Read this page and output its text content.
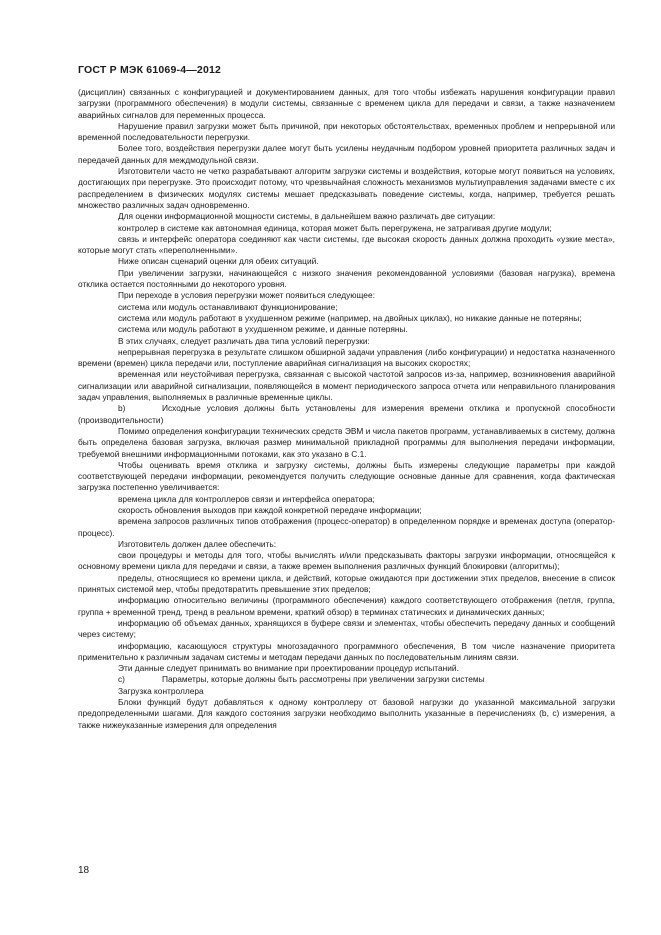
ГОСТ Р МЭК 61069-4—2012

(дисциплин) связанных с конфигурацией и документированием данных, для того чтобы избежать нарушения конфигурации правил загрузки (программного обеспечения) в модули системы, связанные с временем цикла для передачи и связи, а также назначением аварийных сигналов для переменных процесса.

Нарушение правил загрузки может быть причиной, при некоторых обстоятельствах, временных проблем и непрерывной или временной последовательности перегрузки.

Более того, воздействия перегрузки далее могут быть усилены неудачным подбором уровней приоритета различных задач и передачей данных для междмодульной связи.

Изготовители часто не четко разрабатывают алгоритм загрузки системы и воздействия, которые могут появиться на условиях, достигающих при перегрузке. Это происходит потому, что чрезвычайная сложность механизмов мультиуправления задачами вместе с их распределением в физических модулях системы мешает предсказывать поведение системы, когда, например, требуется решать множество различных задач одновременно.

Для оценки информационной мощности системы, в дальнейшем важно различать две ситуации:

контролер в системе как автономная единица, которая может быть перегружена, не затрагивая другие модули;

связь и интерфейс оператора соединяют как части системы, где высокая скорость данных должна проходить «узкие места», которые могут стать «переполненными».

Ниже описан сценарий оценки для обеих ситуаций.

При увеличении загрузки, начинающейся с низкого значения рекомендованной условиями (базовая нагрузка), времена отклика остается постоянными до некоторого уровня.

При переходе в условия перегрузки может появиться следующее:

система или модуль останавливают функционирование;

система или модуль работают в ухудшенном режиме (например, на двойных циклах), но никакие данные не потеряны;

система или модуль работают в ухудшенном режиме, и данные потеряны.

В этих случаях, следует различать два типа условий перегрузки:

непрерывная перегрузка в результате слишком обширной задачи управления (либо конфигурации) и недостатка назначенного времени (времен) цикла передачи или, поступление аварийная сигнализация на высоких скоростях;

временная или неустойчивая перегрузка, связанная с высокой частотой запросов из-за, например, возникновения аварийной сигнализации или аварийной сигнализации, появляющейся в момент периодического запроса отчета или неправильного планирования задач управления, выполняемых в различные временные циклы.

b)	Исходные условия должны быть установлены для измерения времени отклика и пропускной способности (производительности)

Помимо определения конфигурации технических средств ЭВМ и числа пакетов программ, устанавливаемых в систему, должна быть определена базовая загрузка, включая размер минимальной прикладной программы для выполнения передачи информации, требуемой внешними информационными потоками, как это указано в С.1.

Чтобы оценивать время отклика и загрузку системы, должны быть измерены следующие параметры при каждой соответствующей передачи информации, рекомендуется получить следующие основные данные для сравнения, когда фактическая загрузка постепенно увеличивается:

времена цикла для контроллеров связи и интерфейса оператора;

скорость обновления выходов при каждой конкретной передаче информации;

времена запросов различных типов отображения (процесс-оператор) в определенном порядке и временах доступа (оператор-процесс).

Изготовитель должен далее обеспечить:

свои процедуры и методы для того, чтобы вычислять и/или предсказывать факторы загрузки информации, относящейся к основному времени цикла для передачи и связи, а также времен выполнения различных функций блокировки (алгоритмы);

пределы, относящиеся ко времени цикла, и действий, которые ожидаются при достижении этих пределов, внесение в список принятых системой мер, чтобы предотвратить превышение этих пределов;

информацию относительно величины (программного обеспечения) каждого соответствующего отображения (петля, группа, группа + временной тренд, тренд в реальном времени, краткий обзор) в терминах статических и динамических данных;

информацию об объемах данных, хранящихся в буфере связи и элементах, чтобы обеспечить передачу данных и сообщений через систему;

информацию, касающуюся структуры многозадачного программного обеспечения, В том числе назначение приоритета применительно к различным задачам системы и методам передачи данных по последовательным линиям связи.

Эти данные следует принимать во внимание при проектировании процедур испытаний.

c)	Параметры, которые должны быть рассмотрены при увеличении загрузки системы

Загрузка контроллера

Блоки функций будут добавляться к одному контроллеру от базовой нагрузки до указанной максимальной загрузки предопределенными шагами. Для каждого состояния загрузки необходимо выполнить указанные в перечислениях (b, c) измерения, а также нижеуказанные измерения для определения

18
